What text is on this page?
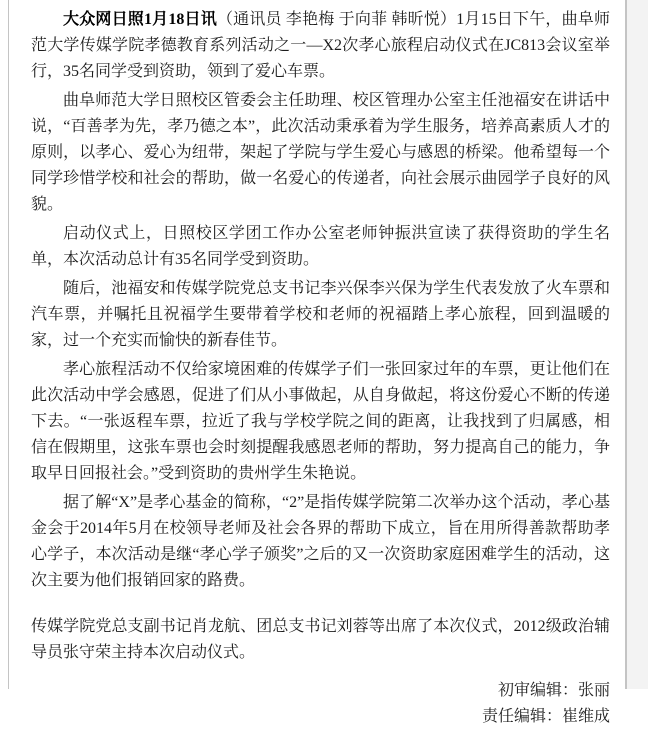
大众网日照1月18日讯（通讯员 李艳梅 于向菲 韩昕悦）1月15日下午，曲阜师范大学传媒学院孝德教育系列活动之一—X2次孝心旅程启动仪式在JC813会议室举行，35名同学受到资助，领到了爱心车票。

曲阜师范大学日照校区管委会主任助理、校区管理办公室主任池福安在讲话中说，“百善孝为先，孝乃德之本”，此次活动秉承着为学生服务，培养高素质人才的原则，以孝心、爱心为纽带，架起了学院与学生爱心与感恩的桥梁。他希望每一个同学珍惜学校和社会的帮助，做一名爱心的传递者，向社会展示曲园学子良好的风貌。

启动仪式上，日照校区学团工作办公室老师钟振洪宣读了获得资助的学生名单，本次活动总计有35名同学受到资助。

随后，池福安和传媒学院党总支书记李兴保李兴保为学生代表发放了火车票和汽车票，并嘱托且祝福学生要带着学校和老师的祝福踏上孝心旅程，回到温暖的家，过一个充实而愉快的新春佳节。

孝心旅程活动不仅给家境困难的传媒学子们一张回家过年的车票，更让他们在此次活动中学会感恩，促进了们从小事做起，从自身做起，将这份爱心不断的传递下去。“一张返程车票，拉近了我与学校学院之间的距离，让我找到了归属感，相信在假期里，这张车票也会时刻提醒我感恩老师的帮助，努力提高自己的能力，争取早日回报社会。”受到资助的贵州学生朱艳说。

据了解“X”是孝心基金的简称，“2”是指传媒学院第二次举办这个活动，孝心基金会于2014年5月在校领导老师及社会各界的帮助下成立，旨在用所得善款帮助孝心学子，本次活动是继“孝心学子颁奖”之后的又一次资助家庭困难学生的活动，这次主要为他们报销回家的路费。

传媒学院党总支副书记肖龙航、团总支书记刘蓉等出席了本次仪式，2012级政治辅导员张守荣主持本次启动仪式。

初审编辑：张丽
责任编辑：崔维成
